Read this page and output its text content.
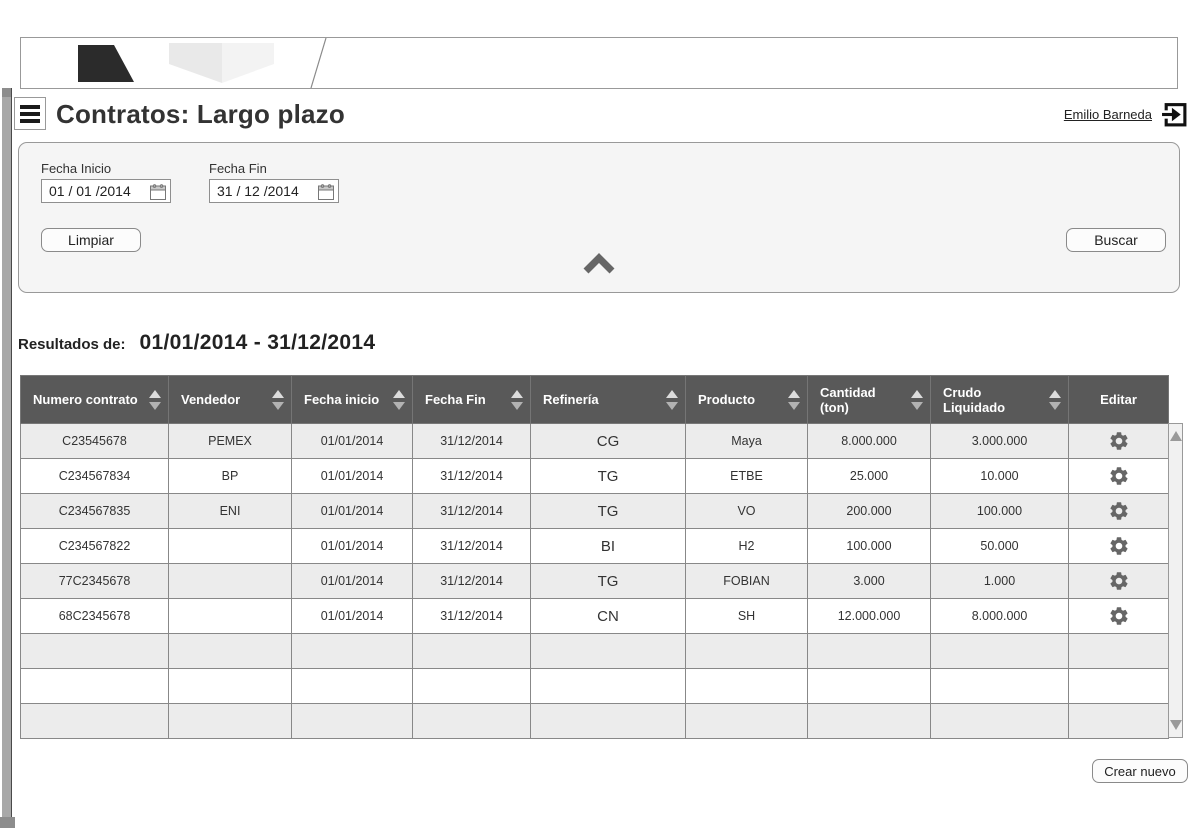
Contratos: Largo plazo	Emilio Barneda
Fecha Inicio
01 / 01 /2014
Fecha Fin
31 / 12 /2014
Limpiar	Buscar
Resultados de: 01/01/2014 - 31/12/2014
Numero contrato	Vendedor	Fecha inicio	Fecha Fin	Refinería	Producto	Cantidad (ton)	Crudo Liquidado	Editar
C23545678	PEMEX	01/01/2014	31/12/2014	CG	Maya	8.000.000	3.000.000	
C234567834	BP	01/01/2014	31/12/2014	TG	ETBE	25.000	10.000	
C234567835	ENI	01/01/2014	31/12/2014	TG	VO	200.000	100.000	
C234567822		01/01/2014	31/12/2014	BI	H2	100.000	50.000	
77C2345678		01/01/2014	31/12/2014	TG	FOBIAN	3.000	1.000	
68C2345678		01/01/2014	31/12/2014	CN	SH	12.000.000	8.000.000	

Crear nuevo
